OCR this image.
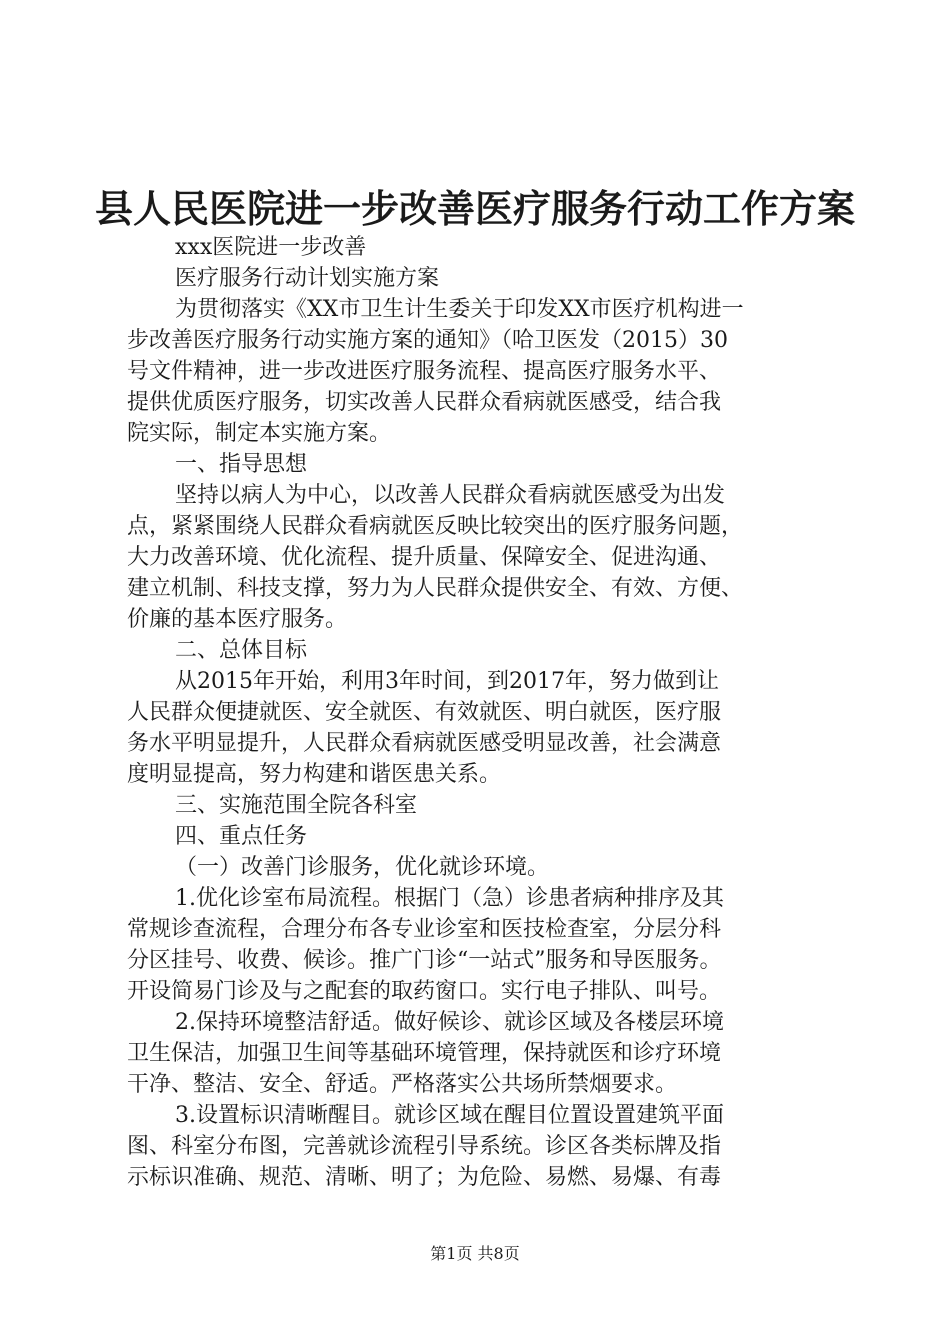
县人民医院进一步改善医疗服务行动工作方案
xxx医院进一步改善
医疗服务行动计划实施方案
为贯彻落实《XX市卫生计生委关于印发XX市医疗机构进一
步改善医疗服务行动实施方案的通知》（哈卫医发（2015）30
号文件精神，进一步改进医疗服务流程、提高医疗服务水平、
提供优质医疗服务，切实改善人民群众看病就医感受，结合我
院实际，制定本实施方案。
一、指导思想
坚持以病人为中心，以改善人民群众看病就医感受为出发
点，紧紧围绕人民群众看病就医反映比较突出的医疗服务问题，
大力改善环境、优化流程、提升质量、保障安全、促进沟通、
建立机制、科技支撑，努力为人民群众提供安全、有效、方便、
价廉的基本医疗服务。
二、总体目标
从2015年开始，利用3年时间，到2017年，努力做到让
人民群众便捷就医、安全就医、有效就医、明白就医，医疗服
务水平明显提升，人民群众看病就医感受明显改善，社会满意
度明显提高，努力构建和谐医患关系。
三、实施范围全院各科室
四、重点任务
（一）改善门诊服务，优化就诊环境。
1.优化诊室布局流程。根据门（急）诊患者病种排序及其
常规诊查流程，合理分布各专业诊室和医技检查室，分层分科
分区挂号、收费、候诊。推广门诊“一站式”服务和导医服务。
开设简易门诊及与之配套的取药窗口。实行电子排队、叫号。
2.保持环境整洁舒适。做好候诊、就诊区域及各楼层环境
卫生保洁，加强卫生间等基础环境管理，保持就医和诊疗环境
干净、整洁、安全、舒适。严格落实公共场所禁烟要求。
3.设置标识清晰醒目。就诊区域在醒目位置设置建筑平面
图、科室分布图，完善就诊流程引导系统。诊区各类标牌及指
示标识准确、规范、清晰、明了；为危险、易燃、易爆、有毒
第1页 共8页
